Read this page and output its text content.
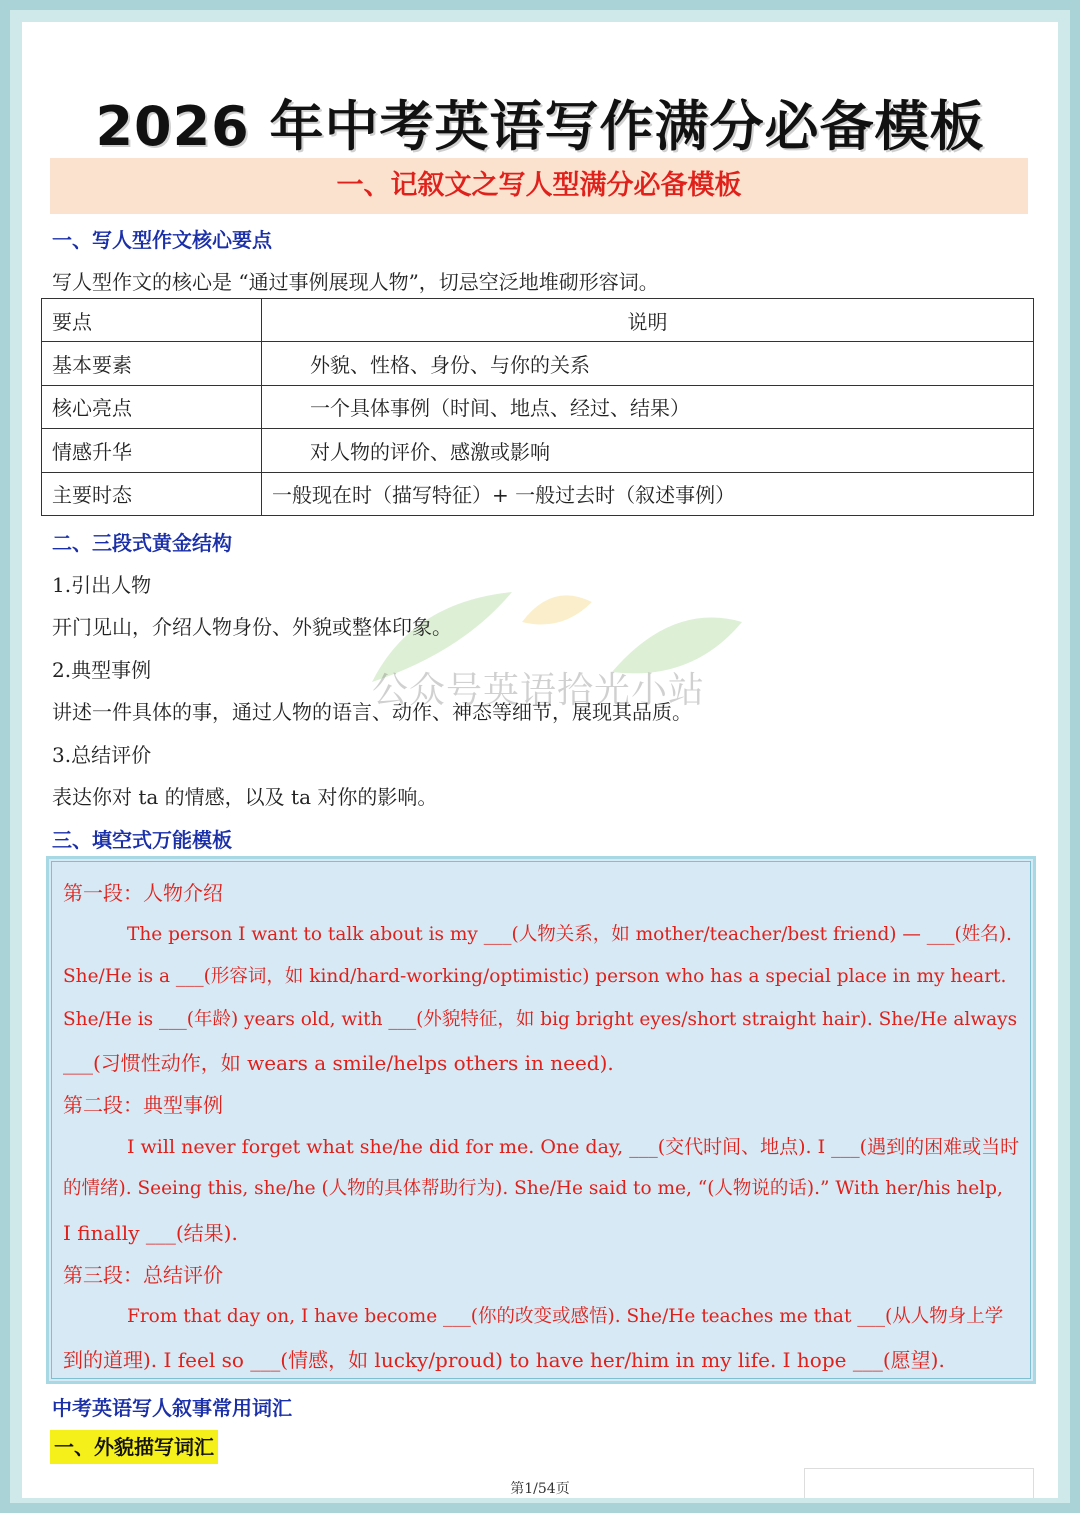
2026 年中考英语写作满分必备模板
一、记叙文之写人型满分必备模板
一、写人型作文核心要点
写人型作文的核心是 “通过事例展现人物”，切忌空泛地堆砌形容词。
要点	说明
基本要素	外貌、性格、身份、与你的关系
核心亮点	一个具体事例（时间、地点、经过、结果）
情感升华	对人物的评价、感激或影响
主要时态	一般现在时（描写特征）+ 一般过去时（叙述事例）
二、三段式黄金结构
1.引出人物
开门见山，介绍人物身份、外貌或整体印象。
2.典型事例
讲述一件具体的事，通过人物的语言、动作、神态等细节，展现其品质。
3.总结评价
表达你对 ta 的情感，以及 ta 对你的影响。
公众号英语拾光小站
三、填空式万能模板
第一段：人物介绍
The person I want to talk about is my ___(人物关系，如 mother/teacher/best friend) — ___(姓名).
She/He is a ___(形容词，如 kind/hard-working/optimistic) person who has a special place in my heart.
She/He is ___(年龄) years old, with ___(外貌特征，如 big bright eyes/short straight hair). She/He always
___(习惯性动作，如 wears a smile/helps others in need).
第二段：典型事例
I will never forget what she/he did for me. One day, ___(交代时间、地点). I ___(遇到的困难或当时
的情绪). Seeing this, she/he (人物的具体帮助行为). She/He said to me, “(人物说的话).” With her/his help,
I finally ___(结果).
第三段：总结评价
From that day on, I have become ___(你的改变或感悟). She/He teaches me that ___(从人物身上学
到的道理). I feel so ___(情感，如 lucky/proud) to have her/him in my life. I hope ___(愿望).
中考英语写人叙事常用词汇
一、外貌描写词汇
第1/54页
